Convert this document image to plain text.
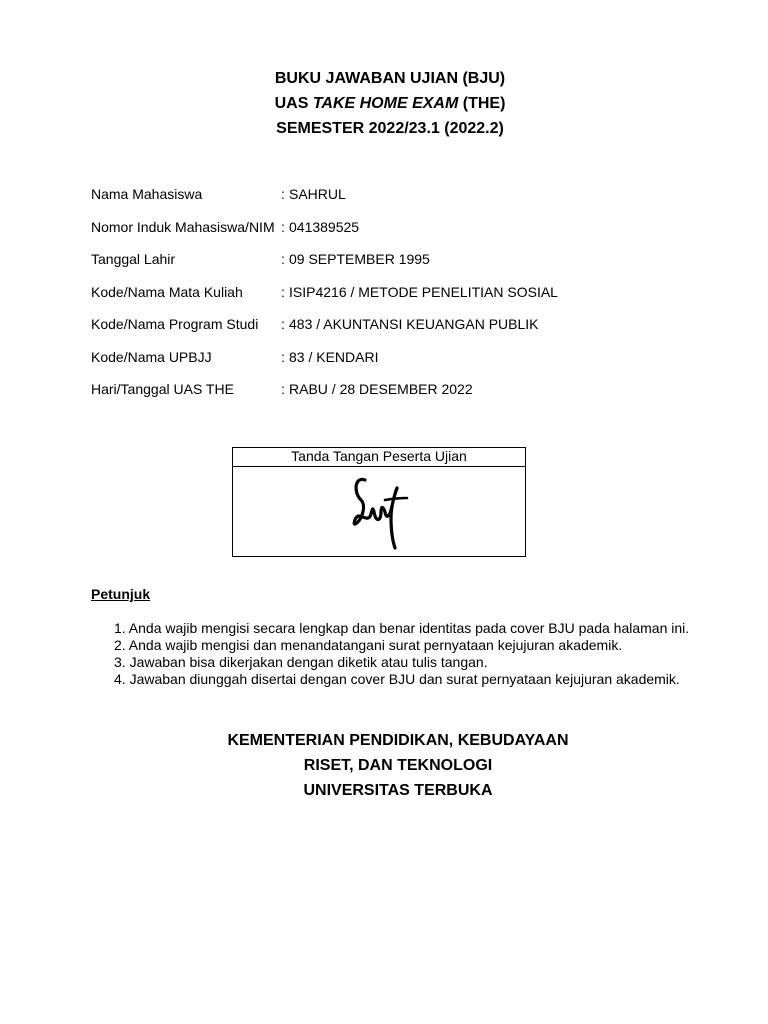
BUKU JAWABAN UJIAN (BJU)
UAS TAKE HOME EXAM (THE)
SEMESTER 2022/23.1 (2022.2)
Nama Mahasiswa	: SAHRUL
Nomor Induk Mahasiswa/NIM : 041389525
Tanggal Lahir	: 09 SEPTEMBER 1995
Kode/Nama Mata Kuliah	: ISIP4216 / METODE PENELITIAN SOSIAL
Kode/Nama Program Studi	: 483 / AKUNTANSI KEUANGAN PUBLIK
Kode/Nama UPBJJ	: 83 / KENDARI
Hari/Tanggal UAS THE	: RABU / 28 DESEMBER 2022
Tanda Tangan Peserta Ujian
Petunjuk
1. Anda wajib mengisi secara lengkap dan benar identitas pada cover BJU pada halaman ini.
2. Anda wajib mengisi dan menandatangani surat pernyataan kejujuran akademik.
3. Jawaban bisa dikerjakan dengan diketik atau tulis tangan.
4. Jawaban diunggah disertai dengan cover BJU dan surat pernyataan kejujuran akademik.
KEMENTERIAN PENDIDIKAN, KEBUDAYAAN
RISET, DAN TEKNOLOGI
UNIVERSITAS TERBUKA
